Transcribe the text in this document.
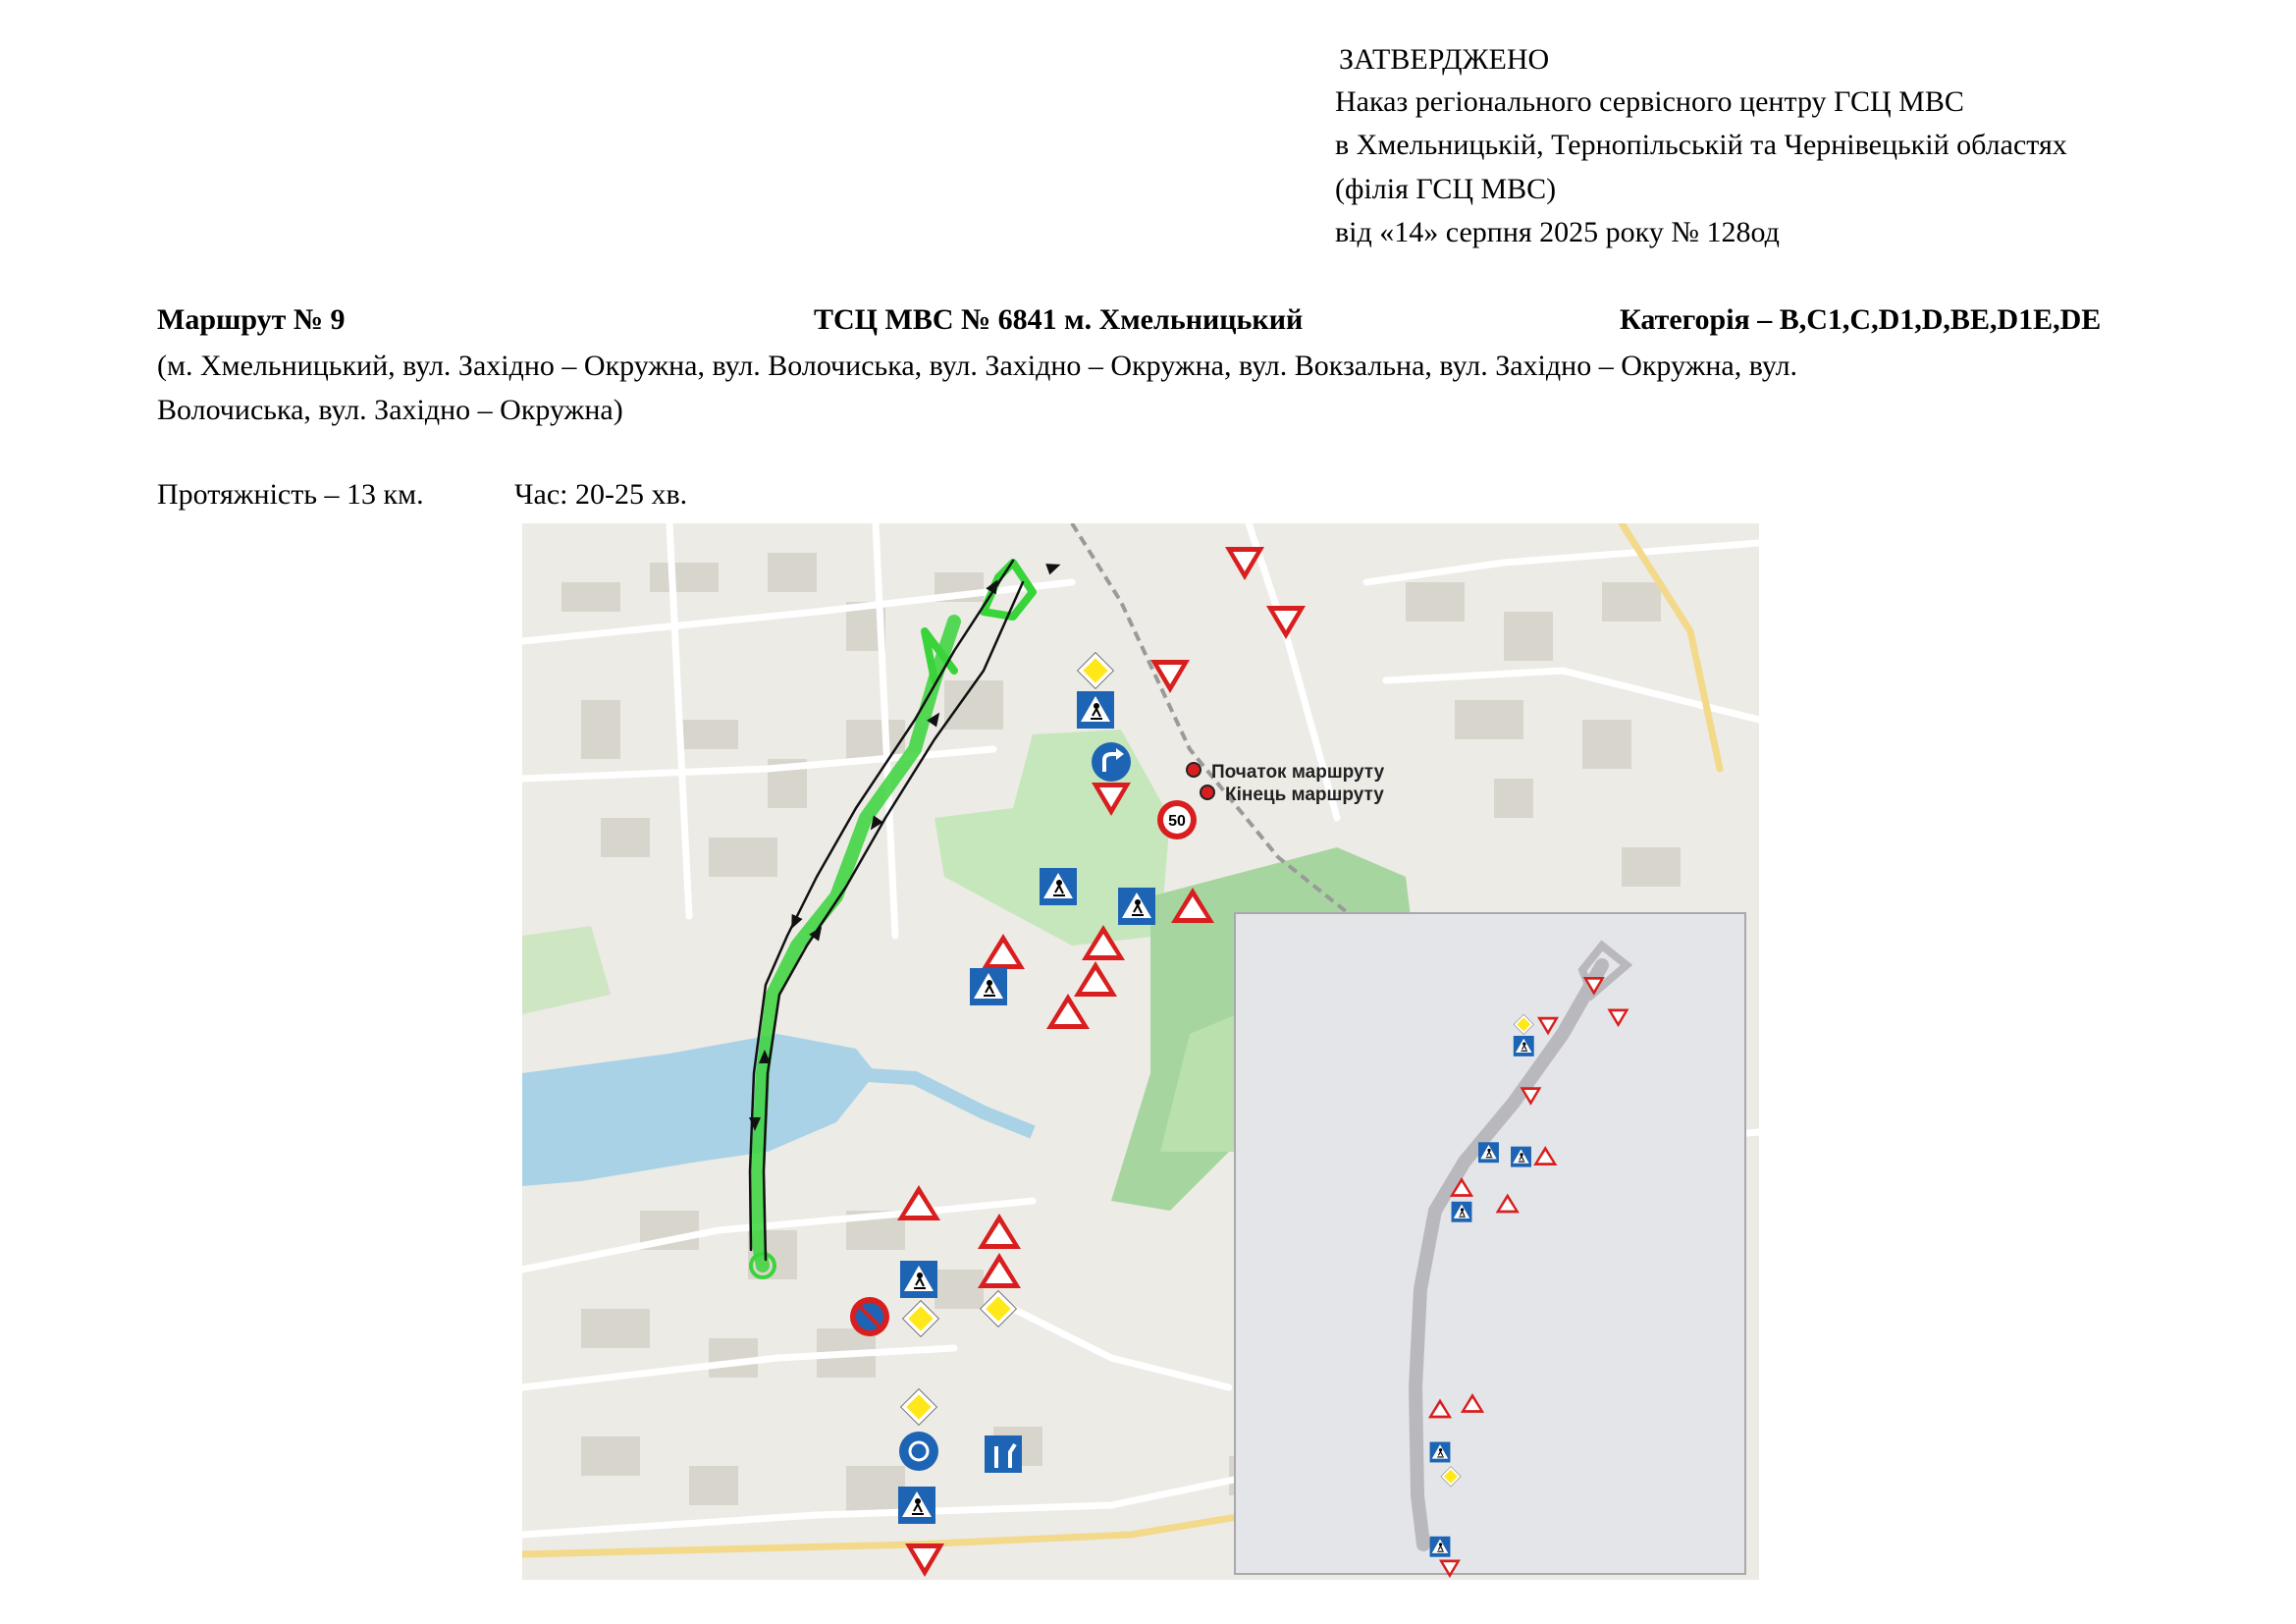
ЗАТВЕРДЖЕНО
Наказ регіонального сервісного центру ГСЦ МВС
в Хмельницькій, Тернопільській та Чернівецькій областях
(філія ГСЦ МВС)
від «14» серпня 2025 року № 128од
Маршрут № 9	ТСЦ МВС № 6841 м. Хмельницький	Категорія – B,C1,C,D1,D,BE,D1E,DE
(м. Хмельницький, вул. Західно – Окружна, вул. Волочиська, вул. Західно – Окружна, вул. Вокзальна, вул. Західно – Окружна, вул.
Волочиська, вул. Західно – Окружна)
Протяжність – 13 км.	Час: 20-25 хв.
50
Початок маршруту
Кінець маршруту
